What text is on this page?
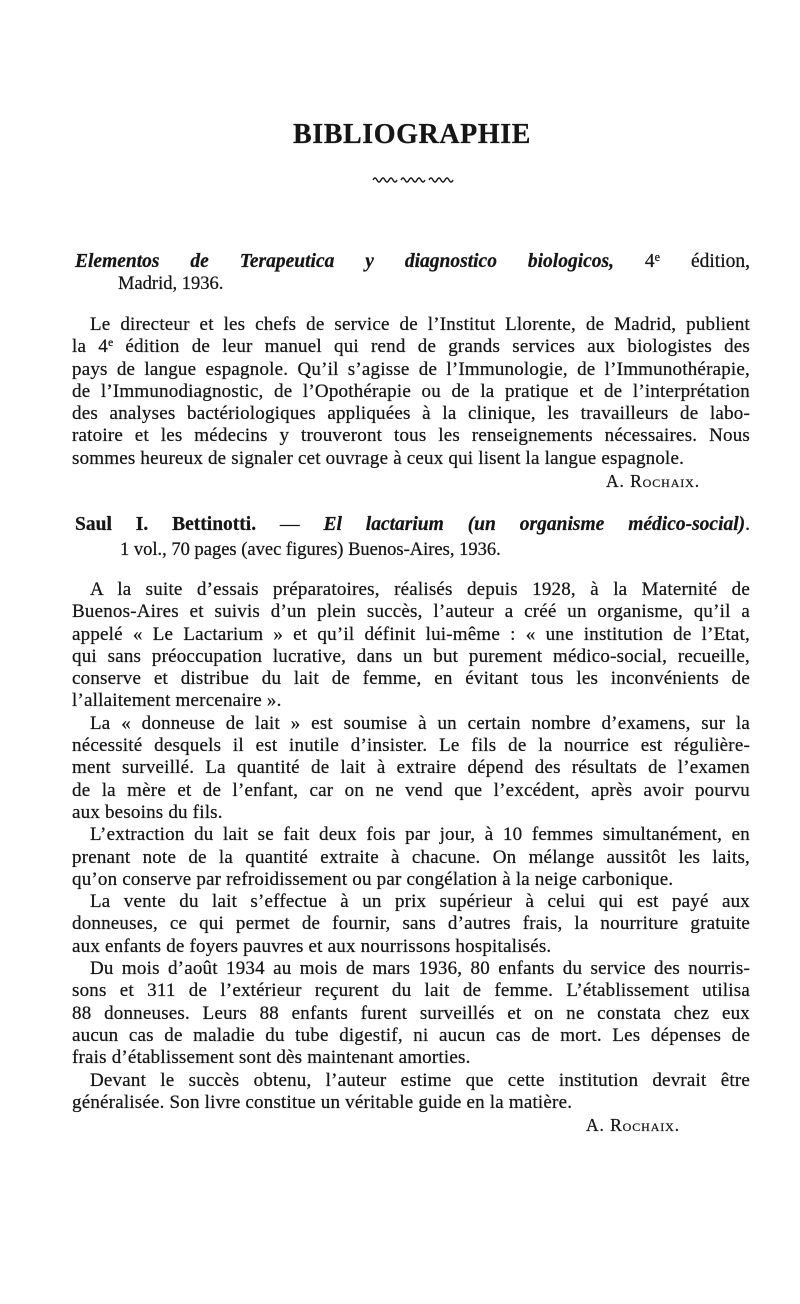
BIBLIOGRAPHIE
Elementos de Terapeutica y diagnostico biologicos, 4e édition,
Madrid, 1936.
Le directeur et les chefs de service de l’Institut Llorente, de Madrid, publient
la 4e édition de leur manuel qui rend de grands services aux biologistes des
pays de langue espagnole. Qu’il s’agisse de l’Immunologie, de l’Immunothérapie,
de l’Immunodiagnostic, de l’Opothérapie ou de la pratique et de l’interprétation
des analyses bactériologiques appliquées à la clinique, les travailleurs de labo-
ratoire et les médecins y trouveront tous les renseignements nécessaires. Nous
sommes heureux de signaler cet ouvrage à ceux qui lisent la langue espagnole.
A. Rochaix.
Saul I. Bettinotti. — El lactarium (un organisme médico-social).
1 vol., 70 pages (avec figures) Buenos-Aires, 1936.
A la suite d’essais préparatoires, réalisés depuis 1928, à la Maternité de
Buenos-Aires et suivis d’un plein succès, l’auteur a créé un organisme, qu’il a
appelé « Le Lactarium » et qu’il définit lui-même : « une institution de l’Etat,
qui sans préoccupation lucrative, dans un but purement médico-social, recueille,
conserve et distribue du lait de femme, en évitant tous les inconvénients de
l’allaitement mercenaire ».
La « donneuse de lait » est soumise à un certain nombre d’examens, sur la
nécessité desquels il est inutile d’insister. Le fils de la nourrice est régulière-
ment surveillé. La quantité de lait à extraire dépend des résultats de l’examen
de la mère et de l’enfant, car on ne vend que l’excédent, après avoir pourvu
aux besoins du fils.
L’extraction du lait se fait deux fois par jour, à 10 femmes simultanément, en
prenant note de la quantité extraite à chacune. On mélange aussitôt les laits,
qu’on conserve par refroidissement ou par congélation à la neige carbonique.
La vente du lait s’effectue à un prix supérieur à celui qui est payé aux
donneuses, ce qui permet de fournir, sans d’autres frais, la nourriture gratuite
aux enfants de foyers pauvres et aux nourrissons hospitalisés.
Du mois d’août 1934 au mois de mars 1936, 80 enfants du service des nourris-
sons et 311 de l’extérieur reçurent du lait de femme. L’établissement utilisa
88 donneuses. Leurs 88 enfants furent surveillés et on ne constata chez eux
aucun cas de maladie du tube digestif, ni aucun cas de mort. Les dépenses de
frais d’établissement sont dès maintenant amorties.
Devant le succès obtenu, l’auteur estime que cette institution devrait être
généralisée. Son livre constitue un véritable guide en la matière.
A. Rochaix.
